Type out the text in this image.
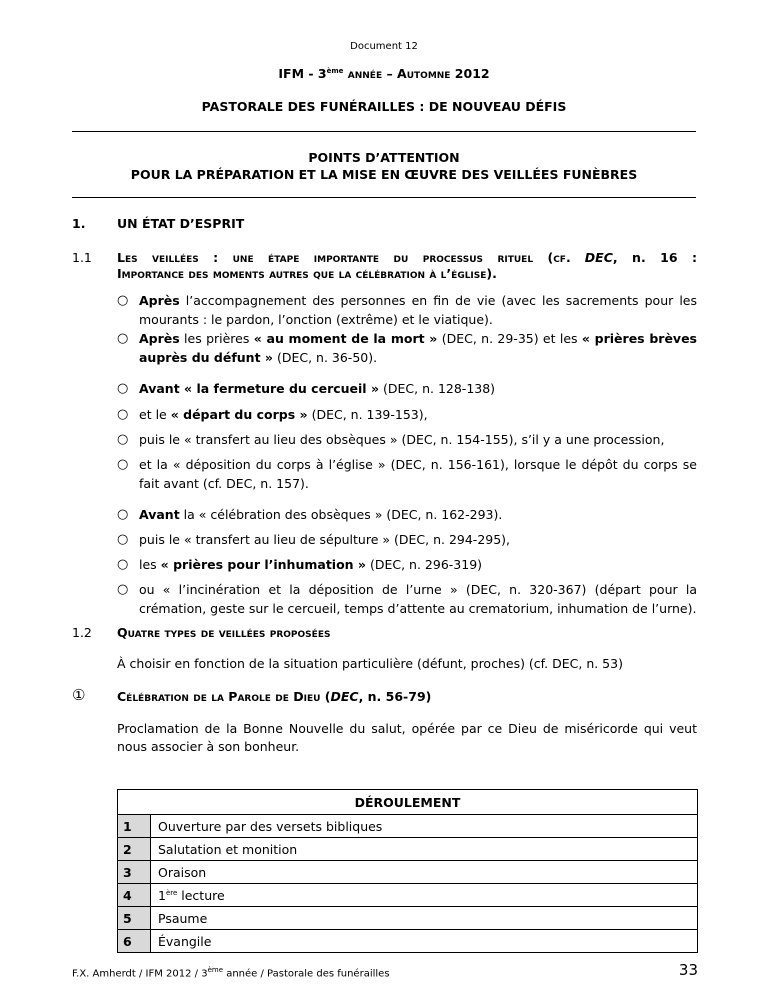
Document 12
IFM - 3ème année – Automne 2012
PASTORALE DES FUNÉRAILLES : DE NOUVEAU DÉFIS
POINTS D’ATTENTION
POUR LA PRÉPARATION ET LA MISE EN ŒUVRE DES VEILLÉES FUNÈBRES
1.	UN ÉTAT D’ESPRIT
1.1 Les veillées : une étape importante du processus rituel (cf. DEC, n. 16 :
Importance des moments autres que la célébration à l’église).
○ Après l’accompagnement des personnes en fin de vie (avec les sacrements pour les mourants : le pardon, l’onction (extrême) et le viatique).
○ Après les prières « au moment de la mort » (DEC, n. 29-35) et les « prières brèves auprès du défunt » (DEC, n. 36-50).
○ Avant « la fermeture du cercueil » (DEC, n. 128-138)
○ et le « départ du corps » (DEC, n. 139-153),
○ puis le « transfert au lieu des obsèques » (DEC, n. 154-155), s’il y a une procession,
○ et la « déposition du corps à l’église » (DEC, n. 156-161), lorsque le dépôt du corps se fait avant (cf. DEC, n. 157).
○ Avant la « célébration des obsèques » (DEC, n. 162-293).
○ puis le « transfert au lieu de sépulture » (DEC, n. 294-295),
○ les « prières pour l’inhumation » (DEC, n. 296-319)
○ ou « l’incinération et la déposition de l’urne » (DEC, n. 320-367) (départ pour la crémation, geste sur le cercueil, temps d’attente au crematorium, inhumation de l’urne).
1.2 Quatre types de veillées proposées
À choisir en fonction de la situation particulière (défunt, proches) (cf. DEC, n. 53)
①	Célébration de la Parole de Dieu (DEC, n. 56-79)
Proclamation de la Bonne Nouvelle du salut, opérée par ce Dieu de miséricorde qui veut nous associer à son bonheur.
DÉROULEMENT	
1	Ouverture par des versets bibliques
2	Salutation et monition
3	Oraison
4	1ère lecture
5	Psaume
6	Évangile
F.X. Amherdt / IFM 2012 / 3ème année / Pastorale des funérailles	33
